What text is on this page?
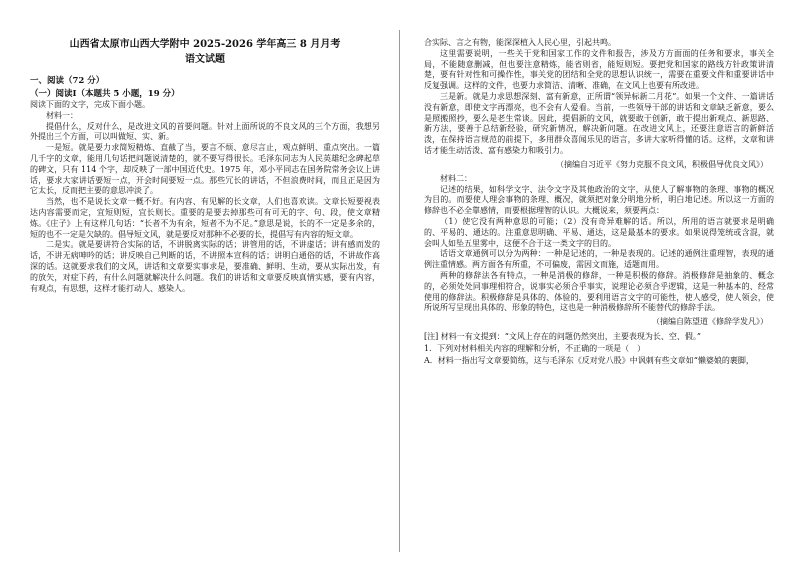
山西省太原市山西大学附中 2025-2026 学年高三 8 月月考
语文试题
一、阅读（72 分）
（一）阅读Ⅰ（本题共 5 小题，19 分）

阅读下面的文字，完成下面小题。

材料一：

提倡什么，反对什么，是改进文风的首要问题。针对上面所说的不良文风的三个方面，我想另外提出三个方面，可以叫做短、实、新。

一是短。就是要力求简短精炼、直截了当，要言不烦、意尽言止，观点鲜明、重点突出。一篇几千字的文章，能用几句话把问题说清楚的，就不要写得很长。毛泽东同志为人民英雄纪念碑起草的碑文，只有 114 个字，却反映了一部中国近代史。1975 年，邓小平同志在国务院常务会议上讲话，要求大家讲话要短一点，开会时间要短一点。那些冗长的讲话，不但浪费时间，而且正是因为它太长，反而把主要的意思冲淡了。

当然，也不是说长文章一概不好。有内容、有见解的长文章，人们也喜欢读。文章长短要视表达内容需要而定，宜短则短，宜长则长。重要的是要去掉那些可有可无的字、句、段，使文章精炼。《庄子》上有这样几句话：“长者不为有余，短者不为不足。”意思是说，长的不一定是多余的，短的也不一定是欠缺的。倡导短文风，就是要反对那种不必要的长，提倡写有内容的短文章。

二是实。就是要讲符合实际的话，不讲脱离实际的话；讲管用的话，不讲虚话；讲有感而发的话，不讲无病呻吟的话；讲反映自己判断的话，不讲照本宣科的话；讲明白通俗的话，不讲故作高深的话。这就要求我们的文风，讲话和文章要实事求是，要准确、鲜明、生动，要从实际出发，有的放矢，对症下药，有什么问题就解决什么问题。我们的讲话和文章要反映真情实感，要有内容，有观点，有思想，这样才能打动人、感染人。

合实际、言之有物，能深深植入人民心里，引起共鸣。

这里需要说明，一些关于党和国家工作的文件和报告，涉及方方面面的任务和要求，事关全局，不能随意删减，但也要注意精炼，能省则省，能短则短。要把党和国家的路线方针政策讲清楚，要有针对性和可操作性，事关党的团结和全党的思想认识统一，需要在重要文件和重要讲话中反复强调。这样的文件，也要力求简洁、清晰、准确，在文风上也要有所改进。

三是新。就是力求思想深刻、富有新意，正所谓“领异标新二月花”。如果一个文件、一篇讲话没有新意，即使文字再漂亮，也不会有人爱看。当前，一些领导干部的讲话和文章缺乏新意，要么是照搬照抄，要么是老生常谈。因此，提倡新的文风，就要敢于创新，敢于提出新观点、新思路、新方法，要善于总结新经验，研究新情况，解决新问题。在改进文风上，还要注意语言的新鲜活泼，在保持语言规范的前提下，多用群众喜闻乐见的语言，多讲大家听得懂的话。这样，文章和讲话才能生动活泼、富有感染力和吸引力。

（摘编自习近平《努力克服不良文风，积极倡导优良文风》）

材料二：

记述的结果，如科学文字、法令文字及其他政治的文字，从使人了解事物的条理、事物的概况为目的。而要使人理会事物的条理、概况，就须把对象分明地分析，明白地记述。所以这一方面的修辞也不必全靠感情，而要根据理智的认识。大概说来，须要两点：

（1）使它没有两种意思的可能；（2）没有奇异难解的话。所以，所用的语言就要求是明确的、平易的、通达的。注重意思明确、平易、通达，这是最基本的要求。如果说得笼统或含混，就会叫人如坠五里雾中，这便不合于这一类文字的目的。

话语文章通例可以分为两种：一种是记述的，一种是表现的。记述的通例注重理智，表现的通例注重情感。两方面各有所重，不可偏废，需因文而施，适题而用。

两种的修辞法各有特点，一种是消极的修辞，一种是积极的修辞。消极修辞是抽象的、概念的，必须处处同事理相符合，说事实必须合乎事实，说理论必须合乎逻辑，这是一种基本的、经常使用的修辞法。积极修辞是具体的、体验的，要利用语言文字的可能性，使人感受，使人领会，使所说所写呈现出具体的、形象的特色，这也是一种消极修辞所不能替代的修辞手法。

（摘编自陈望道《修辞学发凡》）
[注] 材料一有文提到：“文风上存在的问题仍然突出，主要表现为长、空、假。”
1．下列对材料相关内容的理解和分析，不正确的一项是（　）
A．材料一指出写文章要简练，这与毛泽东《反对党八股》中讽刺有些文章如“懒婆娘的裹脚，
